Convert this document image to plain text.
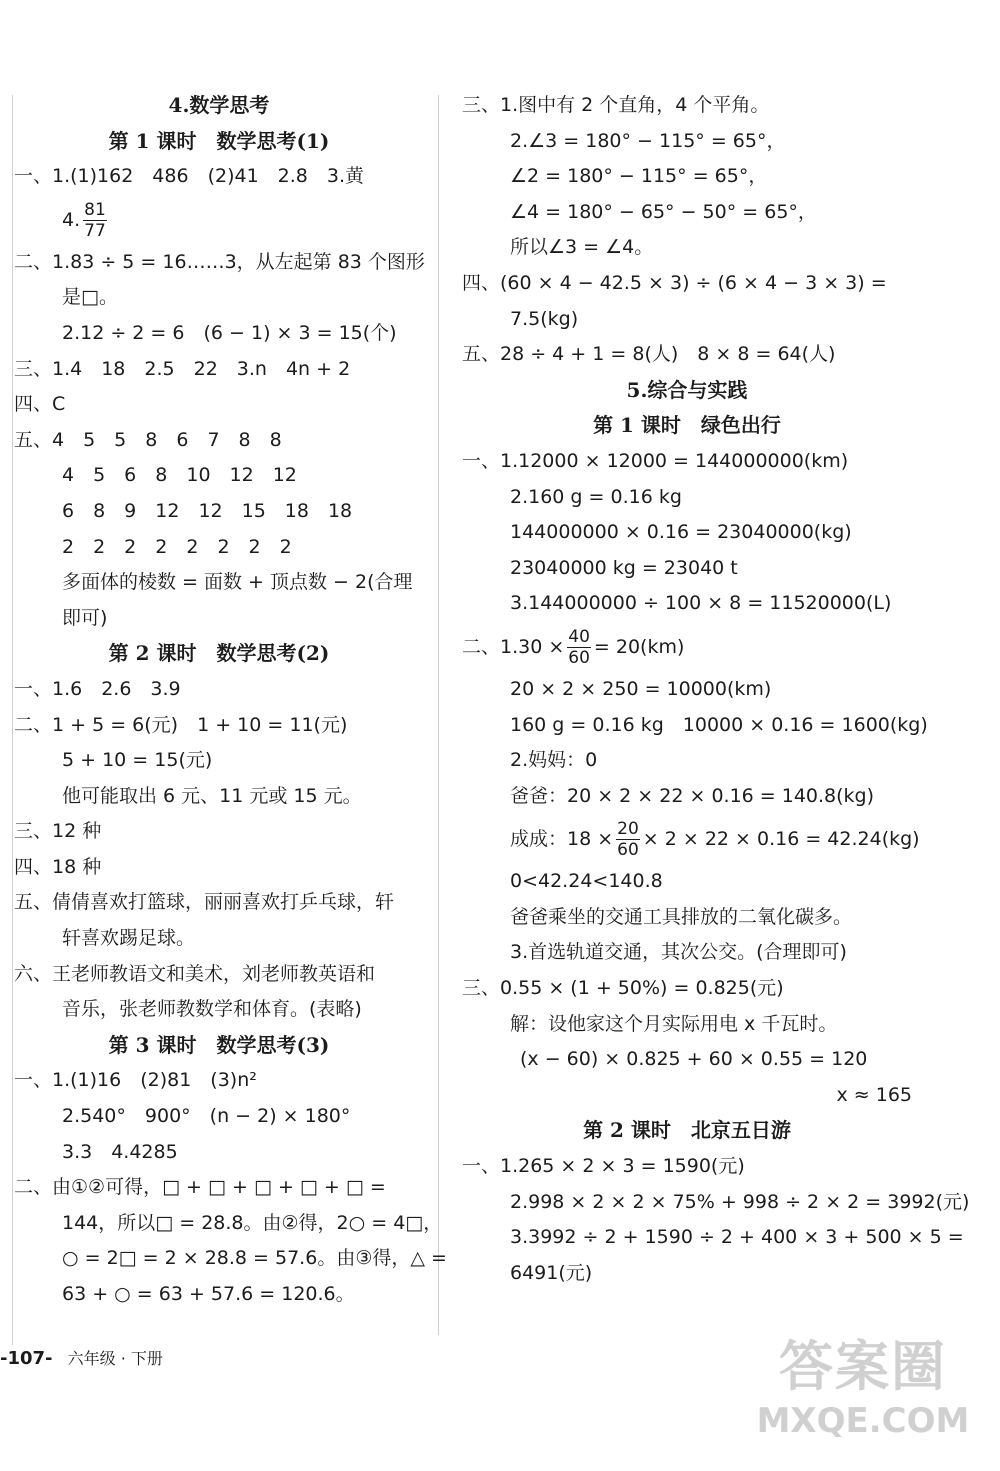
4.数学思考
第 1 课时　数学思考(1)
一、1.(1)162　486　(2)41　2.8　3.黄
4. $\frac{81}{77}$
二、1.83 ÷ 5 = 16……3，从左起第 83 个图形
是□。
2.12 ÷ 2 = 6　(6 − 1) × 3 = 15(个)
三、1.4　18　2.5　22　3.n　4n + 2
四、C
五、4　5　5　8　6　7　8　8
4　5　6　8　10　12　12
6　8　9　12　12　15　18　18
2　2　2　2　2　2　2　2
多面体的棱数 = 面数 + 顶点数 − 2(合理
即可)
第 2 课时　数学思考(2)
一、1.6　2.6　3.9
二、1 + 5 = 6(元)　1 + 10 = 11(元)
5 + 10 = 15(元)
他可能取出 6 元、11 元或 15 元。
三、12 种
四、18 种
五、倩倩喜欢打篮球，丽丽喜欢打乒乓球，轩
轩喜欢踢足球。
六、王老师教语文和美术，刘老师教英语和
音乐，张老师教数学和体育。(表略)
第 3 课时　数学思考(3)
一、1.(1)16　(2)81　(3)n²
2.540°　900°　(n − 2) × 180°
3.3　4.4285
二、由①②可得，□ + □ + □ + □ + □ =
144，所以□ = 28.8。由②得，2○ = 4□，
○ = 2□ = 2 × 28.8 = 57.6。由③得，△ =
63 + ○ = 63 + 57.6 = 120.6。
三、1.图中有 2 个直角，4 个平角。
2.∠3 = 180° − 115° = 65°，
∠2 = 180° − 115° = 65°，
∠4 = 180° − 65° − 50° = 65°，
所以∠3 = ∠4。
四、(60 × 4 − 42.5 × 3) ÷ (6 × 4 − 3 × 3) =
7.5(kg)
五、28 ÷ 4 + 1 = 8(人)　8 × 8 = 64(人)
5.综合与实践
第 1 课时　绿色出行
一、1.12000 × 12000 = 144000000(km)
2.160 g = 0.16 kg
144000000 × 0.16 = 23040000(kg)
23040000 kg = 23040 t
3.144000000 ÷ 100 × 8 = 11520000(L)
二、$1.30 \times \frac{40}{60} = 20(km)$
20 × 2 × 250 = 10000(km)
160 g = 0.16 kg　10000 × 0.16 = 1600(kg)
2.妈妈：0
爸爸：20 × 2 × 22 × 0.16 = 140.8(kg)
成成：$18 \times \frac{20}{60} \times 2 \times 22 \times 0.16 = 42.24(kg)$
0<42.24<140.8
爸爸乘坐的交通工具排放的二氧化碳多。
3.首选轨道交通，其次公交。(合理即可)
三、0.55 × (1 + 50%) = 0.825(元)
解：设他家这个月实际用电 x 千瓦时。
(x − 60) × 0.825 + 60 × 0.55 = 120
x ≈ 165
第 2 课时　北京五日游
一、1.265 × 2 × 3 = 1590(元)
2.998 × 2 × 2 × 75% + 998 ÷ 2 × 2 = 3992(元)
3.3992 ÷ 2 + 1590 ÷ 2 + 400 × 3 + 500 × 5 =
6491(元)
-107- 六年级 · 下册	答案圈
MXQE.COM
